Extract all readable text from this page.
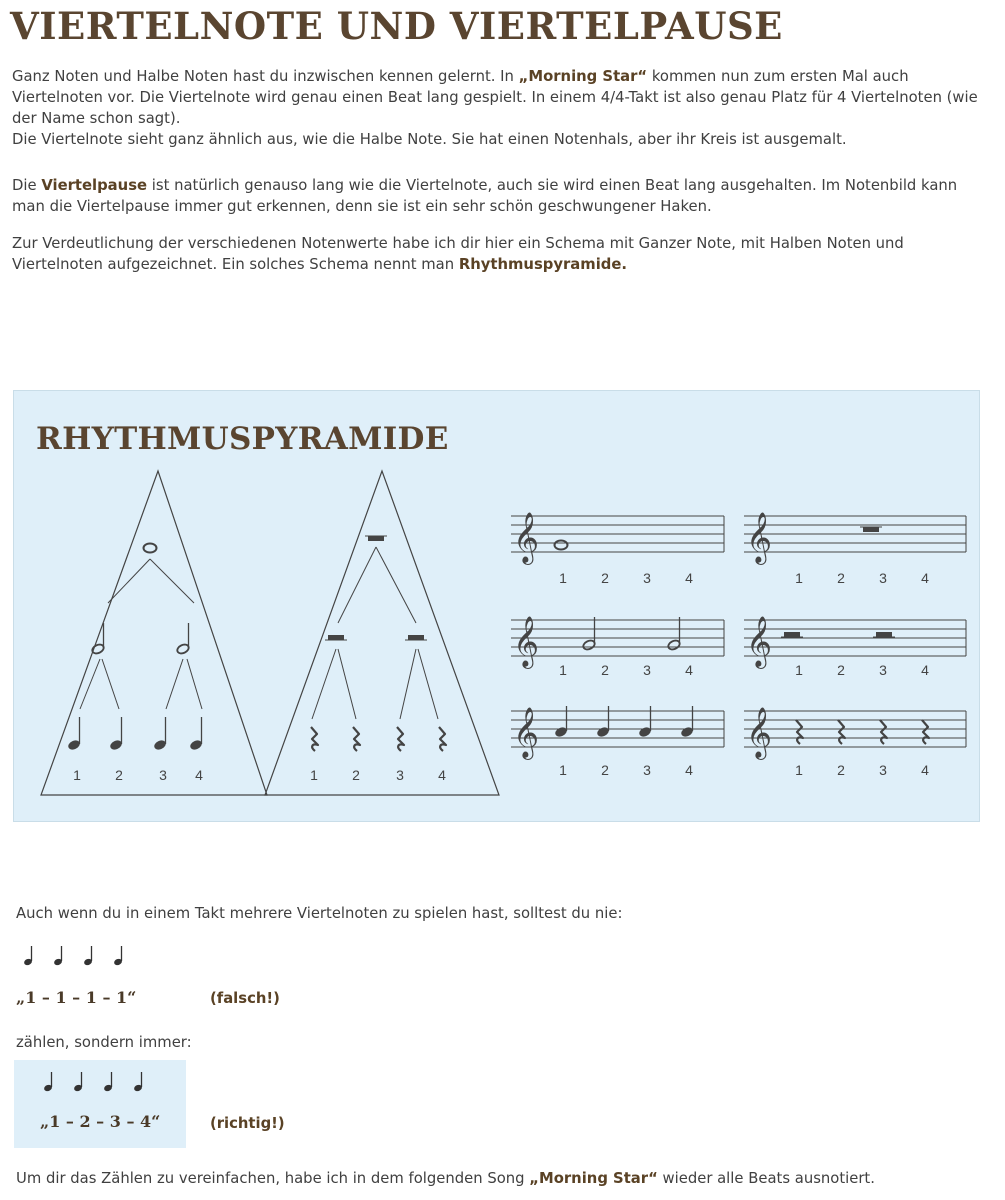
VIERTELNOTE UND VIERTELPAUSE

Ganz Noten und Halbe Noten hast du inzwischen kennen gelernt. In „Morning Star“ kommen nun zum ersten Mal auch Viertelnoten vor. Die Viertelnote wird genau einen Beat lang gespielt. In einem 4/4-Takt ist also genau Platz für 4 Viertelnoten (wie der Name schon sagt).
Die Viertelnote sieht ganz ähnlich aus, wie die Halbe Note. Sie hat einen Notenhals, aber ihr Kreis ist ausgemalt.

Die Viertelpause ist natürlich genauso lang wie die Viertelnote, auch sie wird einen Beat lang ausgehalten. Im Notenbild kann man die Viertelpause immer gut erkennen, denn sie ist ein sehr schön geschwungener Haken.

Zur Verdeutlichung der verschiedenen Notenwerte habe ich dir hier ein Schema mit Ganzer Note, mit Halben Noten und Viertelnoten aufgezeichnet. Ein solches Schema nennt man Rhythmuspyramide.

RHYTHMUSPYRAMIDE
1 2	3 4	1 2	3 4
𝄞	𝄞
𝄞	𝄞
𝄞	𝄞
1 2 3 4	1 2 3 4
1 2 3 4	1 2 3 4
1 2 3 4	1 2 3 4

Auch wenn du in einem Takt mehrere Viertelnoten zu spielen hast, solltest du nie:

„1 – 1 – 1 – 1“	(falsch!)

zählen, sondern immer:

„1 – 2 – 3 – 4“	(richtig!)

Um dir das Zählen zu vereinfachen, habe ich in dem folgenden Song „Morning Star“ wieder alle Beats ausnotiert.
